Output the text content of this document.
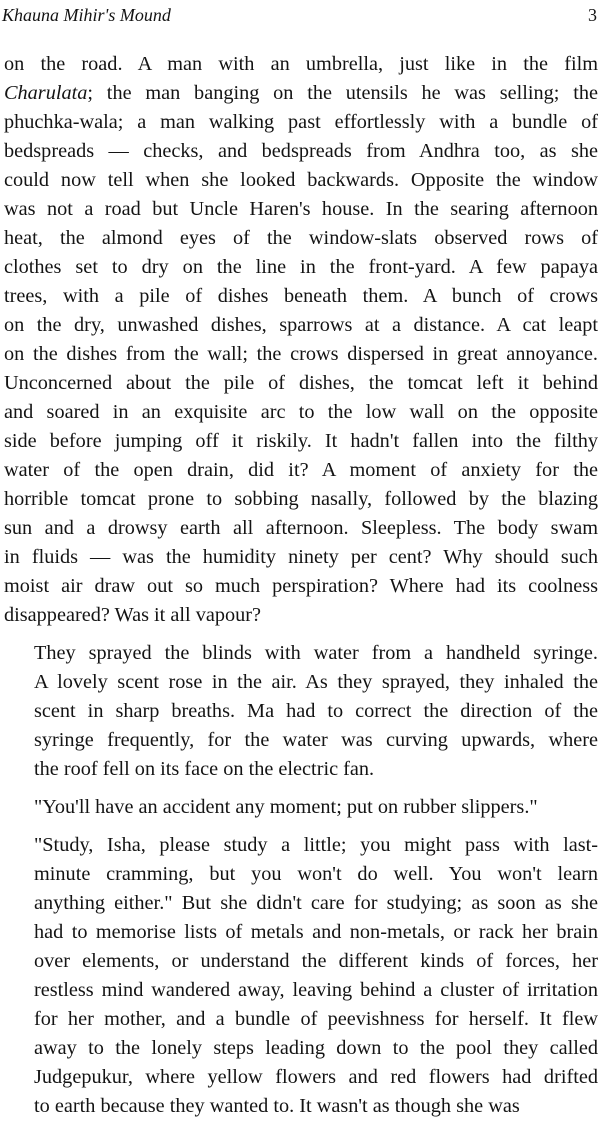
Khauna Mihir's Mound	3
on the road. A man with an umbrella, just like in the film
Charulata; the man banging on the utensils he was selling; the
phuchka-wala; a man walking past effortlessly with a bundle of
bedspreads — checks, and bedspreads from Andhra too, as she
could now tell when she looked backwards. Opposite the window
was not a road but Uncle Haren's house. In the searing afternoon
heat, the almond eyes of the window-slats observed rows of
clothes set to dry on the line in the front-yard. A few papaya
trees, with a pile of dishes beneath them. A bunch of crows
on the dry, unwashed dishes, sparrows at a distance. A cat leapt
on the dishes from the wall; the crows dispersed in great annoyance.
Unconcerned about the pile of dishes, the tomcat left it behind
and soared in an exquisite arc to the low wall on the opposite
side before jumping off it riskily. It hadn't fallen into the filthy
water of the open drain, did it? A moment of anxiety for the
horrible tomcat prone to sobbing nasally, followed by the blazing
sun and a drowsy earth all afternoon. Sleepless. The body swam
in fluids — was the humidity ninety per cent? Why should such
moist air draw out so much perspiration? Where had its coolness
disappeared? Was it all vapour?
They sprayed the blinds with water from a handheld syringe.
A lovely scent rose in the air. As they sprayed, they inhaled the
scent in sharp breaths. Ma had to correct the direction of the
syringe frequently, for the water was curving upwards, where
the roof fell on its face on the electric fan.
"You'll have an accident any moment; put on rubber slippers."
"Study, Isha, please study a little; you might pass with last-
minute cramming, but you won't do well. You won't learn
anything either." But she didn't care for studying; as soon as she
had to memorise lists of metals and non-metals, or rack her brain
over elements, or understand the different kinds of forces, her
restless mind wandered away, leaving behind a cluster of irritation
for her mother, and a bundle of peevishness for herself. It flew
away to the lonely steps leading down to the pool they called
Judgepukur, where yellow flowers and red flowers had drifted
to earth because they wanted to. It wasn't as though she was
